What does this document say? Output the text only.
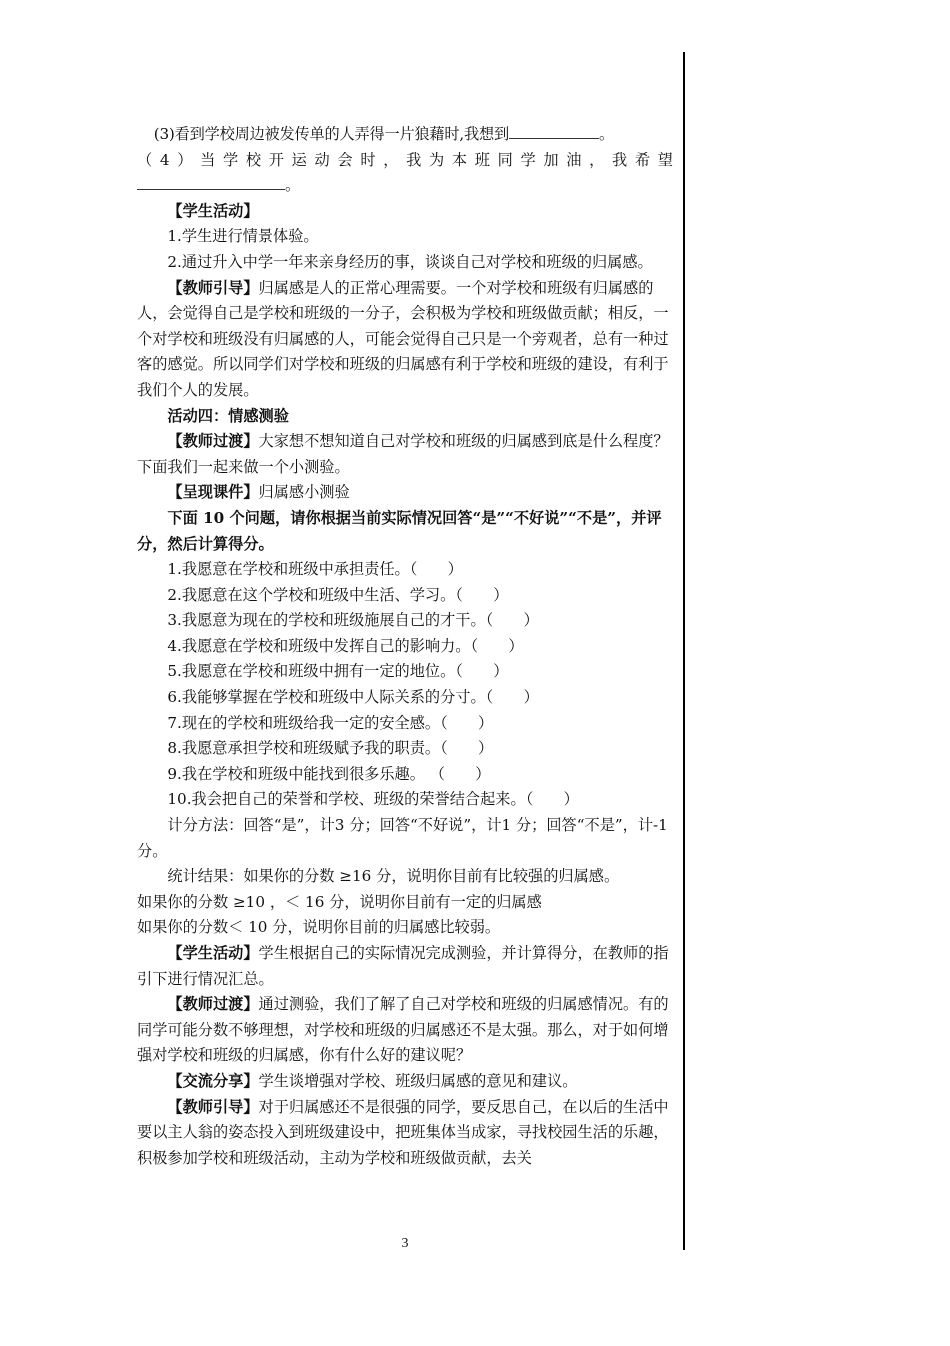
(3)看到学校周边被发传单的人弄得一片狼藉时,我想到	。

（4）当学校开运动会时，我为本班同学加油，我希望

。

【学生活动】

1.学生进行情景体验。

2.通过升入中学一年来亲身经历的事，谈谈自己对学校和班级的归属感。

【教师引导】归属感是人的正常心理需要。一个对学校和班级有归属感的人，会觉得自己是学校和班级的一分子，会积极为学校和班级做贡献；相反，一个对学校和班级没有归属感的人，可能会觉得自己只是一个旁观者，总有一种过客的感觉。所以同学们对学校和班级的归属感有利于学校和班级的建设，有利于我们个人的发展。

活动四：情感测验

【教师过渡】大家想不想知道自己对学校和班级的归属感到底是什么程度？下面我们一起来做一个小测验。

【呈现课件】归属感小测验

下面 10 个问题，请你根据当前实际情况回答“是”“不好说”“不是”，并评分，然后计算得分。

1.我愿意在学校和班级中承担责任。（　　）

2.我愿意在这个学校和班级中生活、学习。（　　）

3.我愿意为现在的学校和班级施展自己的才干。（　　）

4.我愿意在学校和班级中发挥自己的影响力。（　　）

5.我愿意在学校和班级中拥有一定的地位。（　　）

6.我能够掌握在学校和班级中人际关系的分寸。（　　）

7.现在的学校和班级给我一定的安全感。（　　）

8.我愿意承担学校和班级赋予我的职责。（　　）

9.我在学校和班级中能找到很多乐趣。 （　　）

10.我会把自己的荣誉和学校、班级的荣誉结合起来。（　　）

计分方法：回答“是”，计3 分；回答“不好说”，计1 分；回答“不是”，计-1 分。

统计结果：如果你的分数 ≥16 分，说明你目前有比较强的归属感。

如果你的分数 ≥10 ，＜ 16 分，说明你目前有一定的归属感

如果你的分数＜ 10 分，说明你目前的归属感比较弱。

【学生活动】学生根据自己的实际情况完成测验，并计算得分，在教师的指引下进行情况汇总。

【教师过渡】通过测验，我们了解了自己对学校和班级的归属感情况。有的同学可能分数不够理想，对学校和班级的归属感还不是太强。那么，对于如何增强对学校和班级的归属感，你有什么好的建议呢？

【交流分享】学生谈增强对学校、班级归属感的意见和建议。

【教师引导】对于归属感还不是很强的同学，要反思自己，在以后的生活中要以主人翁的姿态投入到班级建设中，把班集体当成家，寻找校园生活的乐趣，积极参加学校和班级活动，主动为学校和班级做贡献，去关

3
